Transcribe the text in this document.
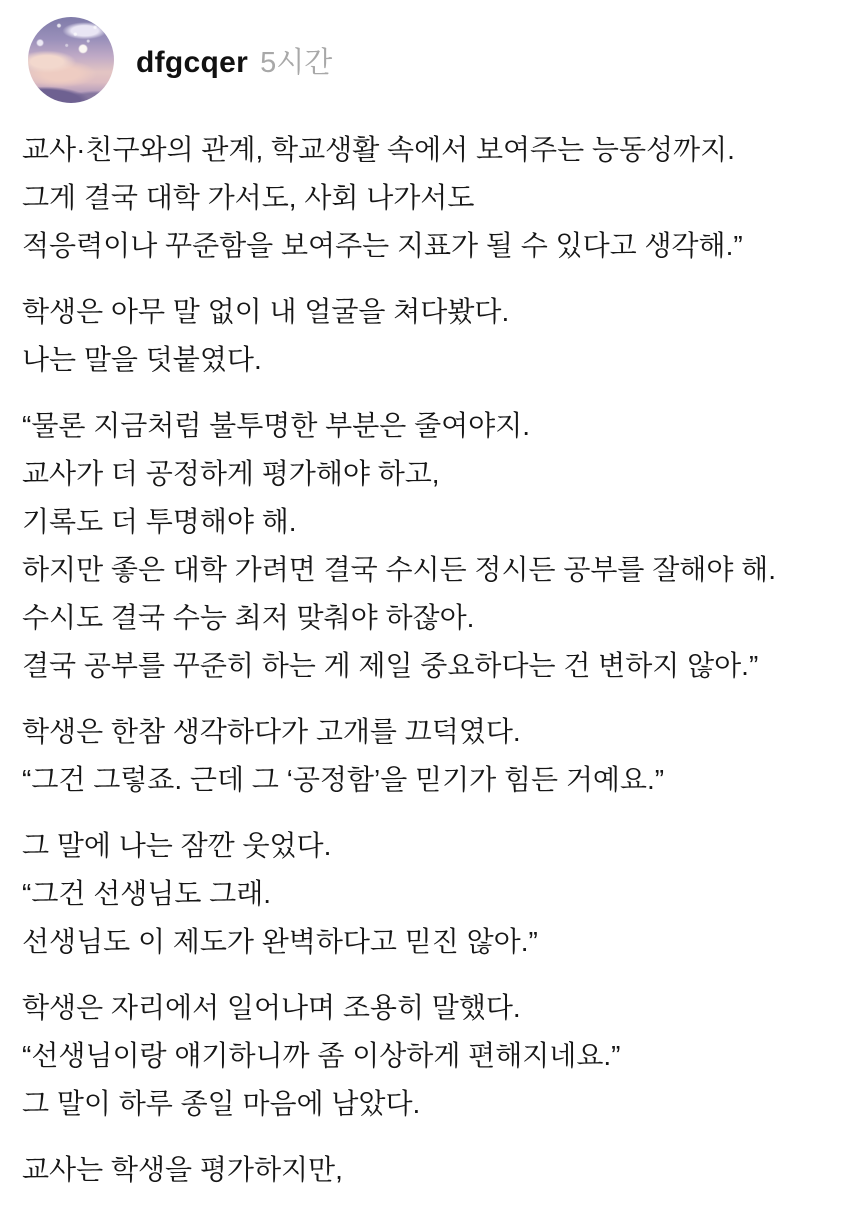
dfgcqer 5시간

교사·친구와의 관계, 학교생활 속에서 보여주는 능동성까지.
그게 결국 대학 가서도, 사회 나가서도
적응력이나 꾸준함을 보여주는 지표가 될 수 있다고 생각해.”

학생은 아무 말 없이 내 얼굴을 쳐다봤다.
나는 말을 덧붙였다.

“물론 지금처럼 불투명한 부분은 줄여야지.
교사가 더 공정하게 평가해야 하고,
기록도 더 투명해야 해.
하지만 좋은 대학 가려면 결국 수시든 정시든 공부를 잘해야 해.
수시도 결국 수능 최저 맞춰야 하잖아.
결국 공부를 꾸준히 하는 게 제일 중요하다는 건 변하지 않아.”

학생은 한참 생각하다가 고개를 끄덕였다.
“그건 그렇죠. 근데 그 ‘공정함’을 믿기가 힘든 거예요.”

그 말에 나는 잠깐 웃었다.
“그건 선생님도 그래.
선생님도 이 제도가 완벽하다고 믿진 않아.”

학생은 자리에서 일어나며 조용히 말했다.
“선생님이랑 얘기하니까 좀 이상하게 편해지네요.”
그 말이 하루 종일 마음에 남았다.

교사는 학생을 평가하지만,
